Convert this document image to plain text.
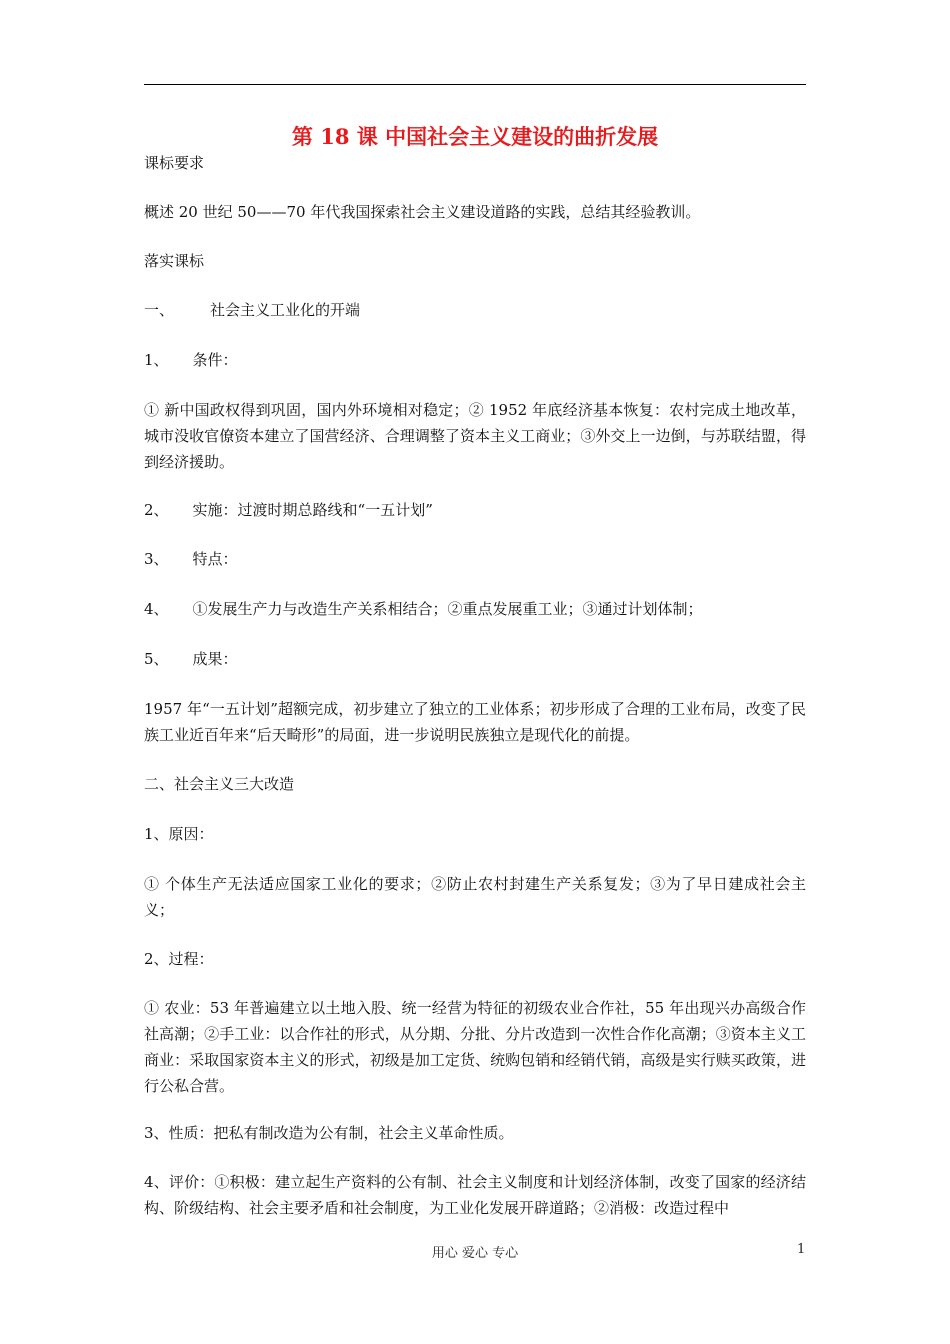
第 18 课 中国社会主义建设的曲折发展
课标要求
概述 20 世纪 50——70 年代我国探索社会主义建设道路的实践，总结其经验教训。
落实课标
一、 社会主义工业化的开端
1、 条件：
① 新中国政权得到巩固，国内外环境相对稳定；② 1952 年底经济基本恢复：农村完成土地改革，城市没收官僚资本建立了国营经济、合理调整了资本主义工商业；③外交上一边倒，与苏联结盟，得到经济援助。
2、 实施：过渡时期总路线和“一五计划”
3、 特点：
4、 ①发展生产力与改造生产关系相结合；②重点发展重工业；③通过计划体制；
5、 成果：
1957 年“一五计划”超额完成，初步建立了独立的工业体系；初步形成了合理的工业布局，改变了民族工业近百年来“后天畸形”的局面，进一步说明民族独立是现代化的前提。
二、社会主义三大改造
1、原因：
① 个体生产无法适应国家工业化的要求；②防止农村封建生产关系复发；③为了早日建成社会主义；
2、过程：
① 农业：53 年普遍建立以土地入股、统一经营为特征的初级农业合作社，55 年出现兴办高级合作社高潮；②手工业：以合作社的形式，从分期、分批、分片改造到一次性合作化高潮；③资本主义工商业：采取国家资本主义的形式，初级是加工定货、统购包销和经销代销，高级是实行赎买政策，进行公私合营。
3、性质：把私有制改造为公有制，社会主义革命性质。
4、评价：①积极：建立起生产资料的公有制、社会主义制度和计划经济体制，改变了国家的经济结构、阶级结构、社会主要矛盾和社会制度，为工业化发展开辟道路；②消极：改造过程中
用心 爱心 专心	1
